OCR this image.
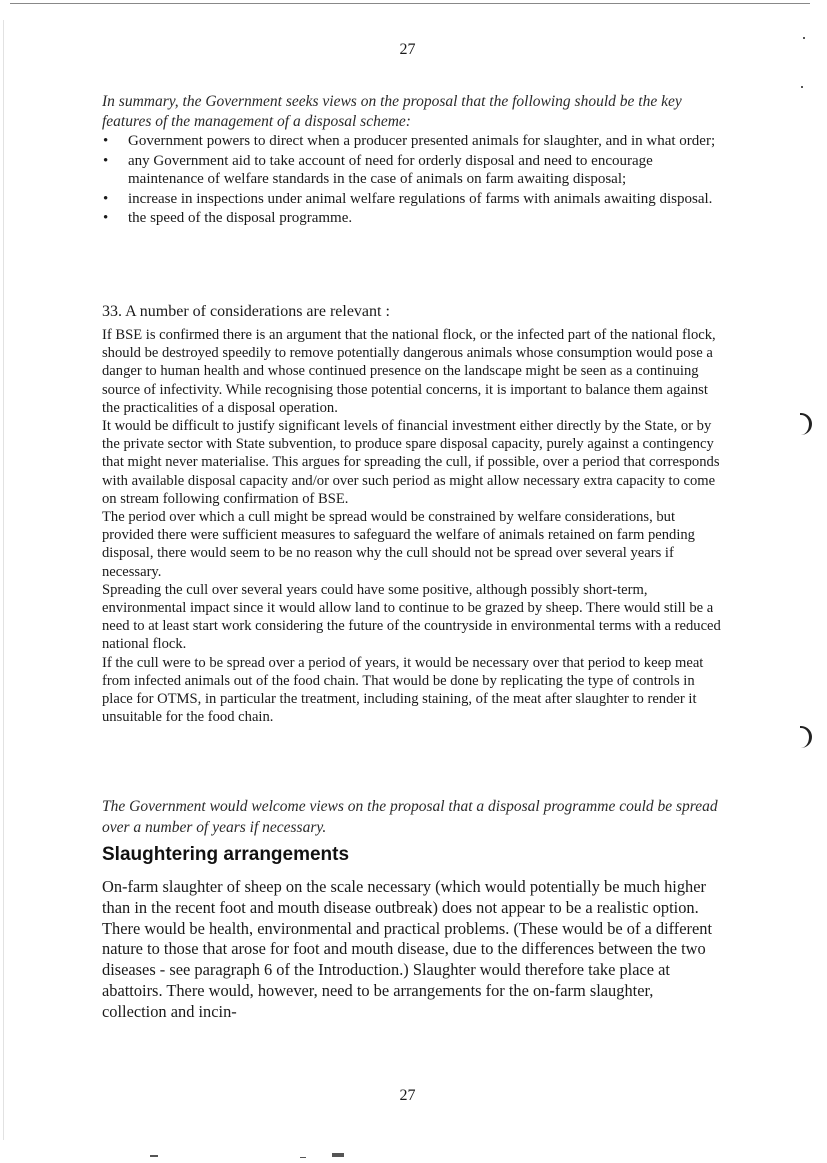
27

In summary, the Government seeks views on the proposal that the following should be the key features of the management of a disposal scheme:

• Government powers to direct when a producer presented animals for slaughter, and in what order;
• any Government aid to take account of need for orderly disposal and need to encourage maintenance of welfare standards in the case of animals on farm awaiting disposal;
• increase in inspections under animal welfare regulations of farms with animals awaiting disposal.
• the speed of the disposal programme.

33. A number of considerations are relevant :

If BSE is confirmed there is an argument that the national flock, or the infected part of the national flock, should be destroyed speedily to remove potentially dangerous animals whose consumption would pose a danger to human health and whose continued presence on the landscape might be seen as a continuing source of infectivity. While recognising those potential concerns, it is important to balance them against the practicalities of a disposal operation.

It would be difficult to justify significant levels of financial investment either directly by the State, or by the private sector with State subvention, to produce spare disposal capacity, purely against a contingency that might never materialise. This argues for spreading the cull, if possible, over a period that corresponds with available disposal capacity and/or over such period as might allow necessary extra capacity to come on stream following confirmation of BSE.

The period over which a cull might be spread would be constrained by welfare considerations, but provided there were sufficient measures to safeguard the welfare of animals retained on farm pending disposal, there would seem to be no reason why the cull should not be spread over several years if necessary.

Spreading the cull over several years could have some positive, although possibly short-term, environmental impact since it would allow land to continue to be grazed by sheep. There would still be a need to at least start work considering the future of the countryside in environmental terms with a reduced national flock.

If the cull were to be spread over a period of years, it would be necessary over that period to keep meat from infected animals out of the food chain. That would be done by replicating the type of controls in place for OTMS, in particular the treatment, including staining, of the meat after slaughter to render it unsuitable for the food chain.

The Government would welcome views on the proposal that a disposal programme could be spread over a number of years if necessary.

Slaughtering arrangements

On-farm slaughter of sheep on the scale necessary (which would potentially be much higher than in the recent foot and mouth disease outbreak) does not appear to be a realistic option. There would be health, environmental and practical problems. (These would be of a different nature to those that arose for foot and mouth disease, due to the differences between the two diseases - see paragraph 6 of the Introduction.) Slaughter would therefore take place at abattoirs. There would, however, need to be arrangements for the on-farm slaughter, collection and incin-

27
